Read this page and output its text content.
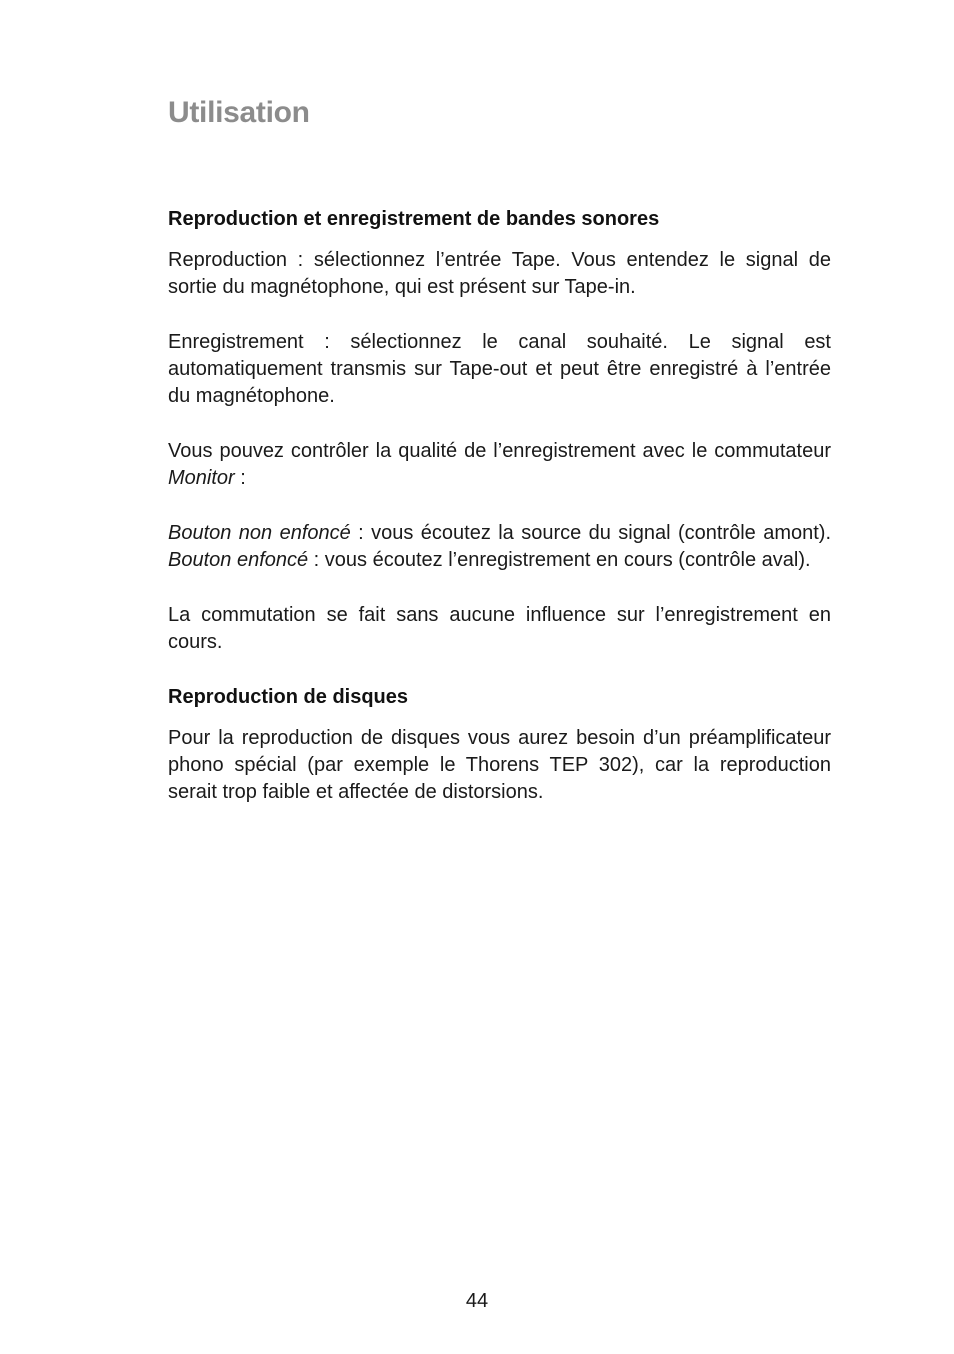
Utilisation
Reproduction et enregistrement de bandes sonores

Reproduction : sélectionnez l’entrée Tape. Vous entendez le signal de sortie du magnétophone, qui est présent sur Tape-in.

Enregistrement : sélectionnez le canal souhaité. Le signal est automatiquement transmis sur Tape-out et peut être enregistré à l’entrée du magnétophone.

Vous pouvez contrôler la qualité de l’enregistrement avec le commutateur Monitor :

Bouton non enfoncé : vous écoutez la source du signal (contrôle amont). Bouton enfoncé : vous écoutez l’enregistrement en cours (contrôle aval).

La commutation se fait sans aucune influence sur l’enregistrement en cours.

Reproduction de disques

Pour la reproduction de disques vous aurez besoin d’un préamplificateur phono spécial (par exemple le Thorens TEP 302), car la reproduction serait trop faible et affectée de distorsions.

44
